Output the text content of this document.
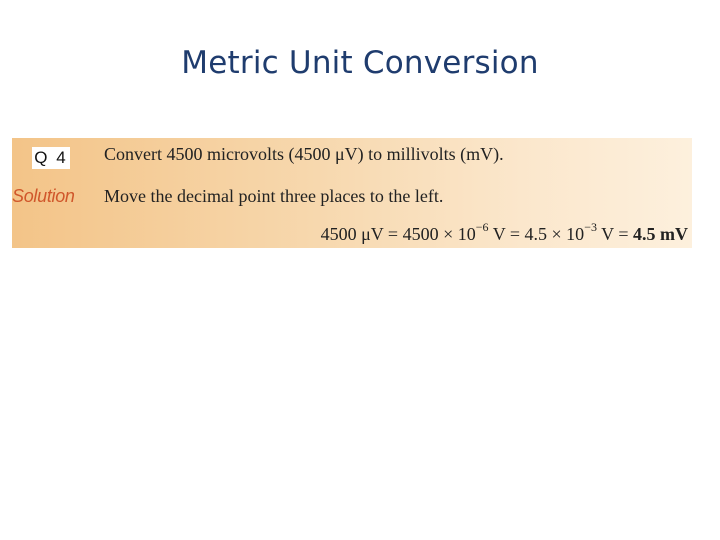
Metric Unit Conversion
Q 4 Convert 4500 microvolts (4500 μV) to millivolts (mV).
Solution Move the decimal point three places to the left.
4500 $\mu V = 4500 \times 10^{-6}$ $V = 4.5 \times 10^{-3}$ V = 4.5 mV
